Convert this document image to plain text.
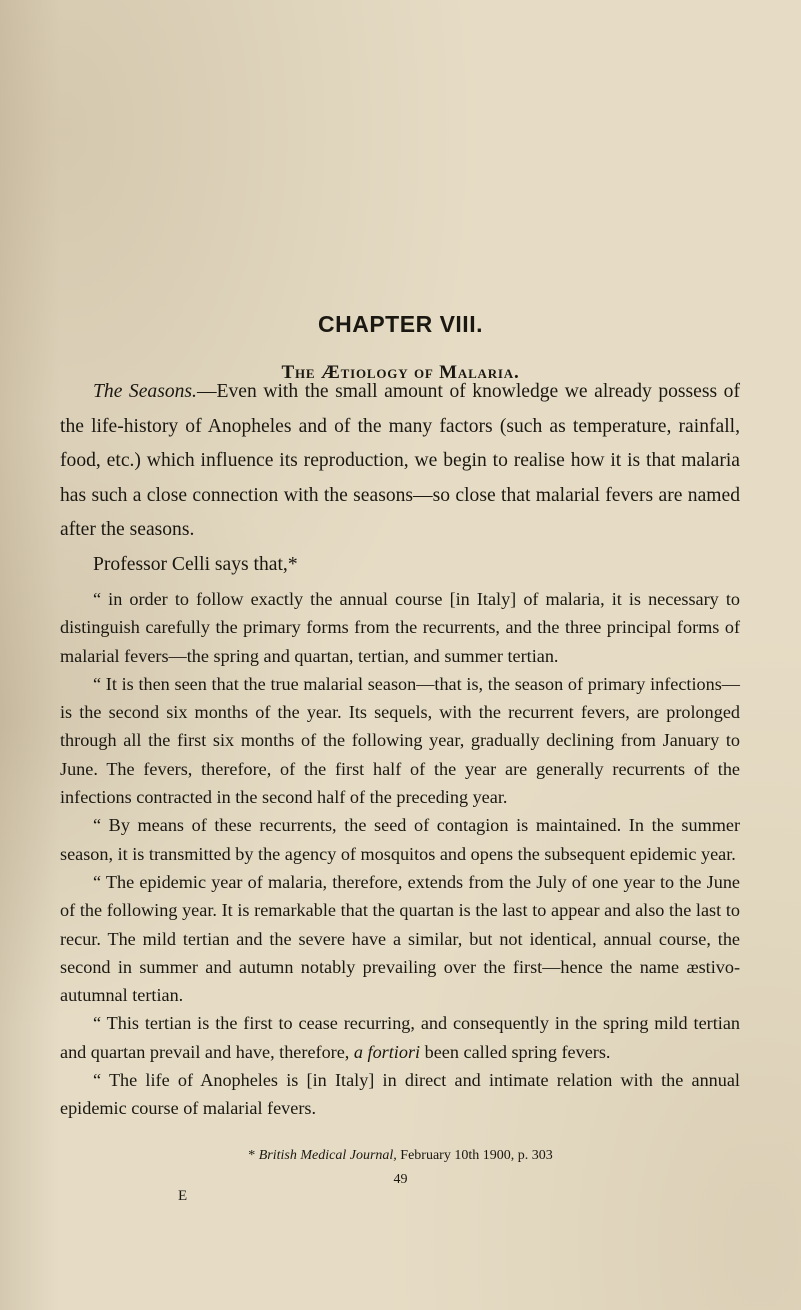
CHAPTER VIII.
The Ætiology of Malaria.

The Seasons.—Even with the small amount of knowledge we already possess of the life-history of Anopheles and of the many factors (such as temperature, rainfall, food, etc.) which influence its reproduction, we begin to realise how it is that malaria has such a close connection with the seasons—so close that malarial fevers are named after the seasons.

Professor Celli says that,*

“ in order to follow exactly the annual course [in Italy] of malaria, it is necessary to distinguish carefully the primary forms from the recurrents, and the three principal forms of malarial fevers—the spring and quartan, tertian, and summer tertian.

“ It is then seen that the true malarial season—that is, the season of primary infections—is the second six months of the year. Its sequels, with the recurrent fevers, are prolonged through all the first six months of the following year, gradually declining from January to June. The fevers, therefore, of the first half of the year are generally recurrents of the infections contracted in the second half of the preceding year.

“ By means of these recurrents, the seed of contagion is maintained. In the summer season, it is transmitted by the agency of mosquitos and opens the subsequent epidemic year.

“ The epidemic year of malaria, therefore, extends from the July of one year to the June of the following year. It is remarkable that the quartan is the last to appear and also the last to recur. The mild tertian and the severe have a similar, but not identical, annual course, the second in summer and autumn notably prevailing over the first—hence the name æstivo-autumnal tertian.

“ This tertian is the first to cease recurring, and consequently in the spring mild tertian and quartan prevail and have, therefore, a fortiori been called spring fevers.

“ The life of Anopheles is [in Italy] in direct and intimate relation with the annual epidemic course of malarial fevers.

* British Medical Journal, February 10th 1900, p. 303
49
E
